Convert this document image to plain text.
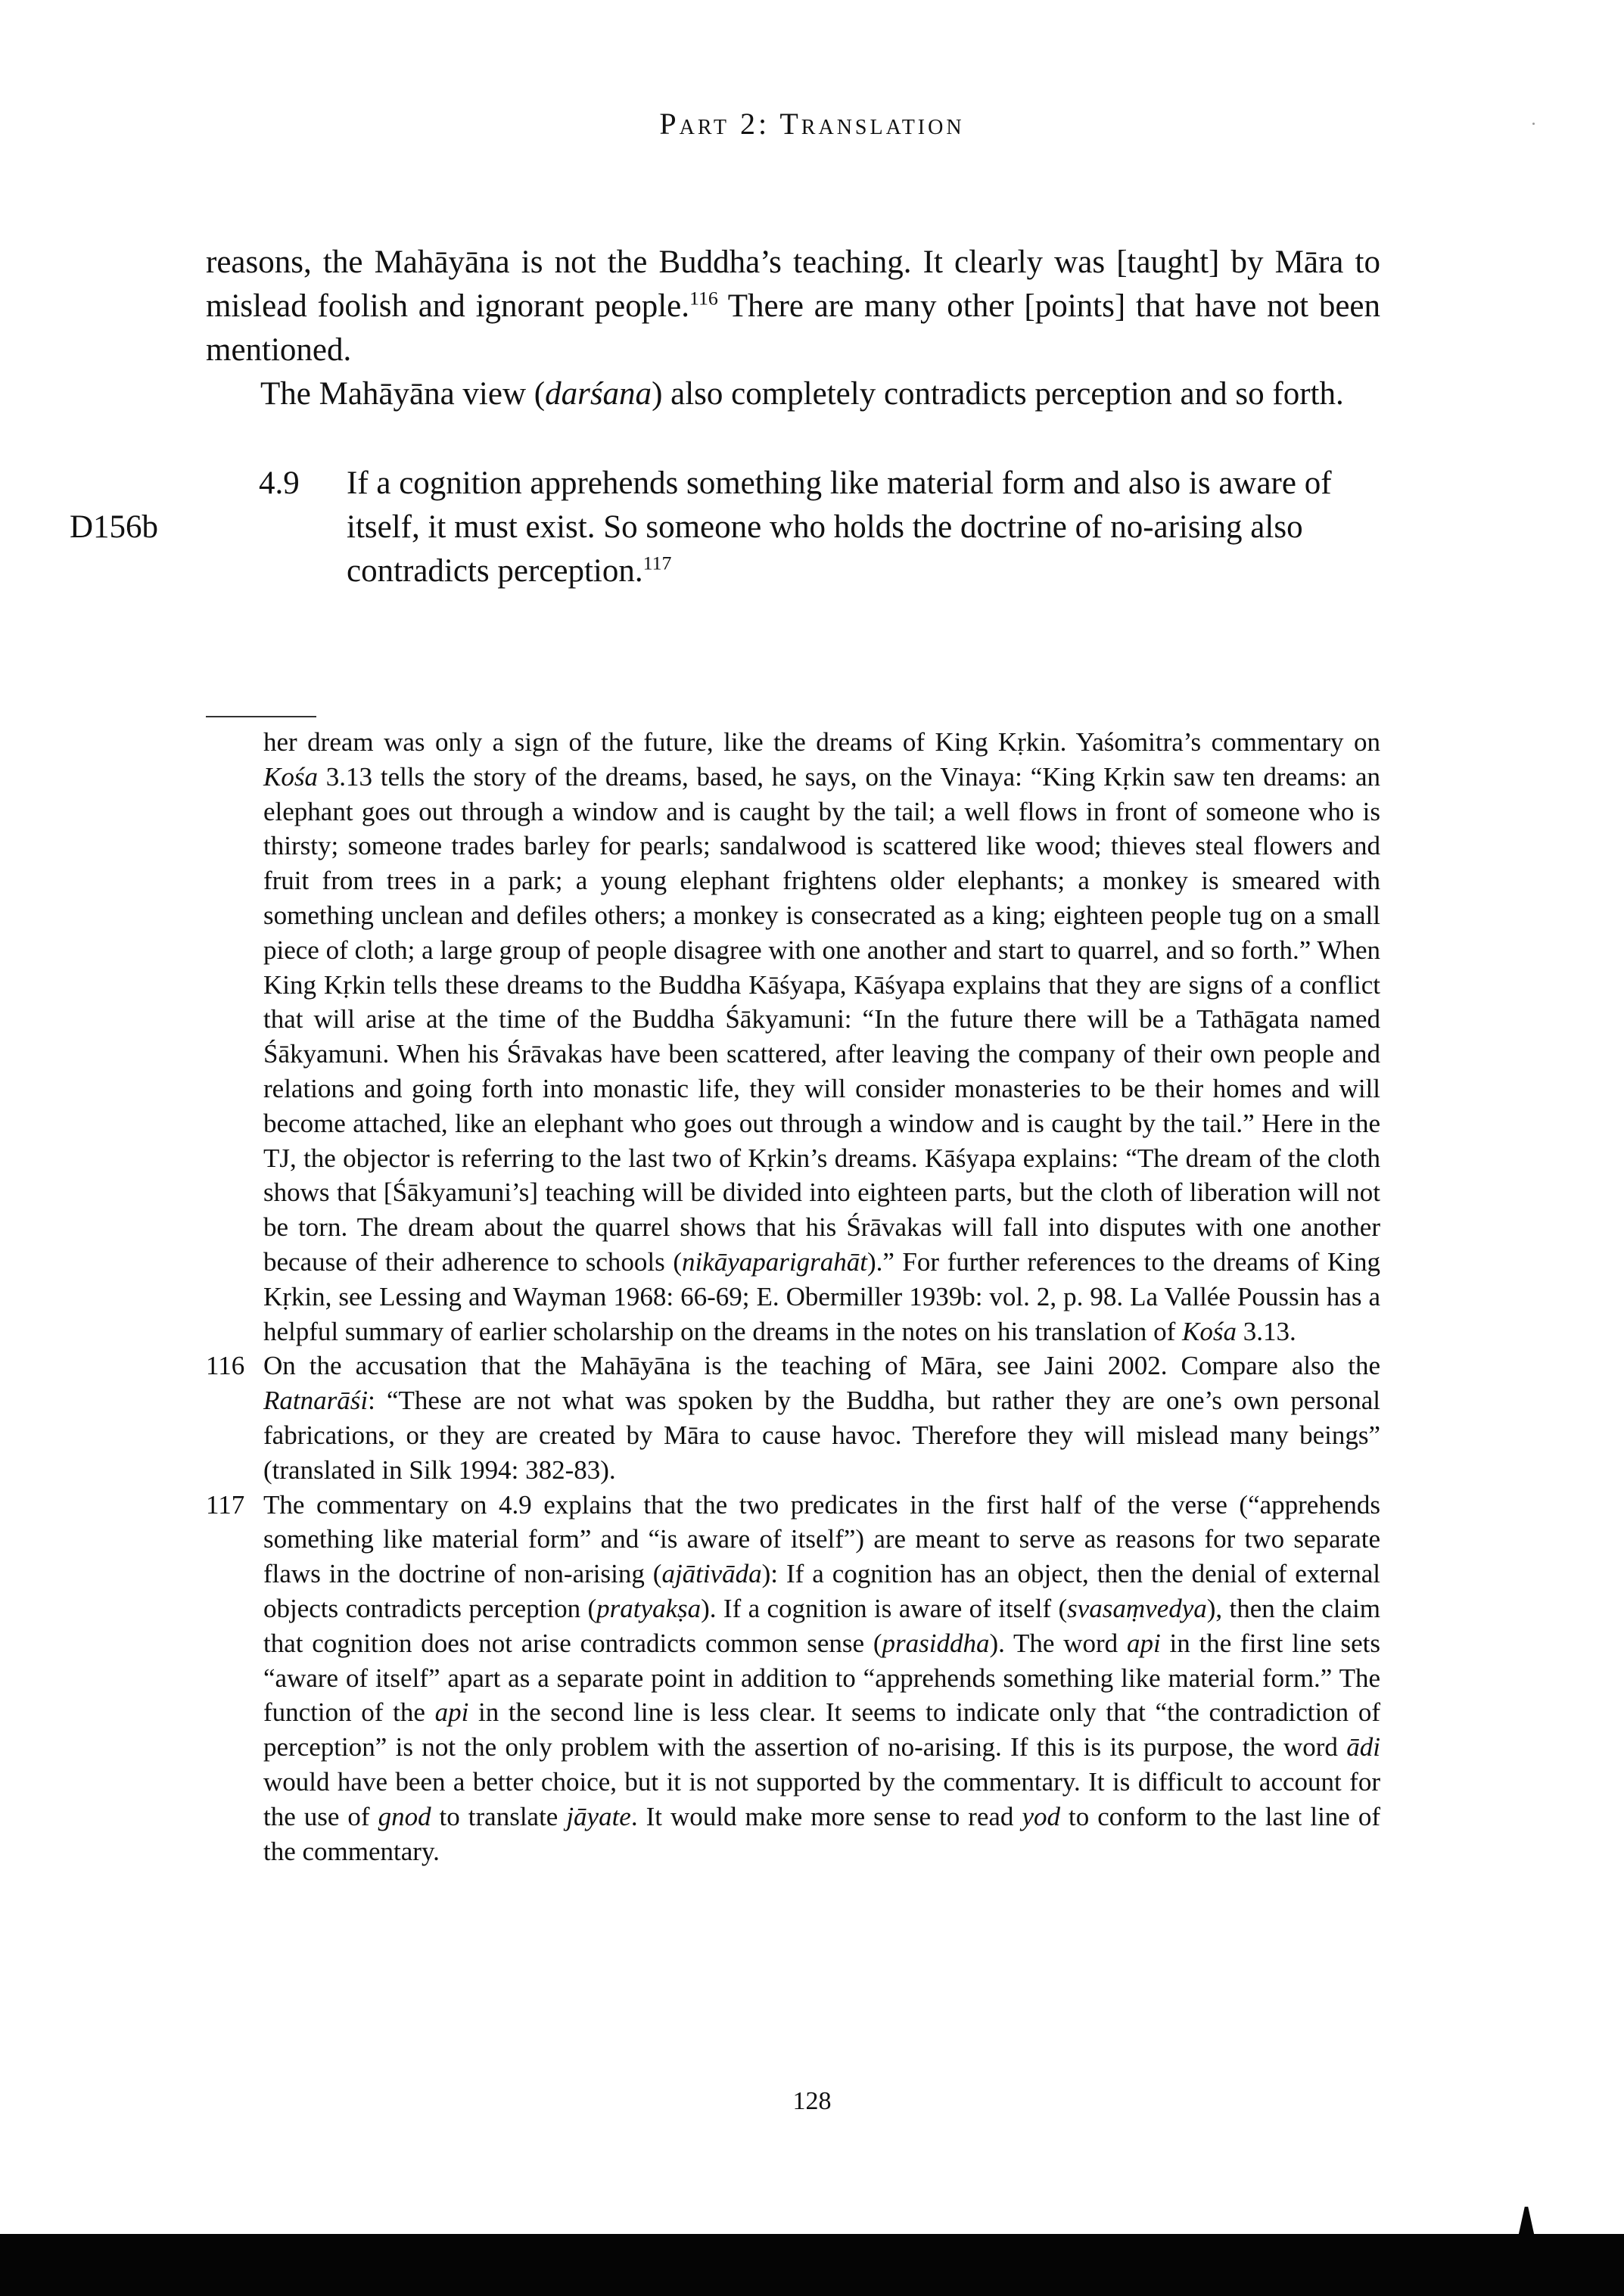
Part 2: Translation

reasons, the Mahāyāna is not the Buddha’s teaching. It clearly was [taught] by Māra to mislead foolish and ignorant people.$^{116}$ There are many other [points] that have not been mentioned.

The Mahāyāna view (darśana) also completely contradicts perception and so forth.

4.9 If a cognition apprehends something like material form and also is aware of itself, it must exist. So someone who holds the doctrine of no-arising also contradicts perception.$^{117}$
D156b

her dream was only a sign of the future, like the dreams of King Kṛkin. Yaśomitra’s commentary on Kośa 3.13 tells the story of the dreams, based, he says, on the Vinaya: “King Kṛkin saw ten dreams: an elephant goes out through a window and is caught by the tail; a well flows in front of someone who is thirsty; someone trades barley for pearls; sandalwood is scattered like wood; thieves steal flowers and fruit from trees in a park; a young elephant frightens older elephants; a monkey is smeared with something unclean and defiles others; a monkey is consecrated as a king; eighteen people tug on a small piece of cloth; a large group of people disagree with one another and start to quarrel, and so forth.” When King Kṛkin tells these dreams to the Buddha Kāśyapa, Kāśyapa explains that they are signs of a conflict that will arise at the time of the Buddha Śākyamuni: “In the future there will be a Tathāgata named Śākyamuni. When his Śrāvakas have been scattered, after leaving the company of their own people and relations and going forth into monastic life, they will consider monasteries to be their homes and will become attached, like an elephant who goes out through a window and is caught by the tail.” Here in the TJ, the objector is referring to the last two of Kṛkin’s dreams. Kāśyapa explains: “The dream of the cloth shows that [Śākyamuni’s] teaching will be divided into eighteen parts, but the cloth of liberation will not be torn. The dream about the quarrel shows that his Śrāvakas will fall into disputes with one another because of their adherence to schools (nikāyaparigrahāt).” For further references to the dreams of King Kṛkin, see Lessing and Wayman 1968: 66-69; E. Obermiller 1939b: vol. 2, p. 98. La Vallée Poussin has a helpful summary of earlier scholarship on the dreams in the notes on his translation of Kośa 3.13.

116 On the accusation that the Mahāyāna is the teaching of Māra, see Jaini 2002. Compare also the Ratnarāśi: “These are not what was spoken by the Buddha, but rather they are one’s own personal fabrications, or they are created by Māra to cause havoc. Therefore they will mislead many beings” (translated in Silk 1994: 382-83).

117 The commentary on 4.9 explains that the two predicates in the first half of the verse (“apprehends something like material form” and “is aware of itself”) are meant to serve as reasons for two separate flaws in the doctrine of non-arising (ajātivāda): If a cognition has an object, then the denial of external objects contradicts perception (pratyakṣa). If a cognition is aware of itself (svasaṃvedya), then the claim that cognition does not arise contradicts common sense (prasiddha). The word api in the first line sets “aware of itself” apart as a separate point in addition to “apprehends something like material form.” The function of the api in the second line is less clear. It seems to indicate only that “the contradiction of perception” is not the only problem with the assertion of no-arising. If this is its purpose, the word ādi would have been a better choice, but it is not supported by the commentary. It is difficult to account for the use of gnod to translate jāyate. It would make more sense to read yod to conform to the last line of the commentary.

128
